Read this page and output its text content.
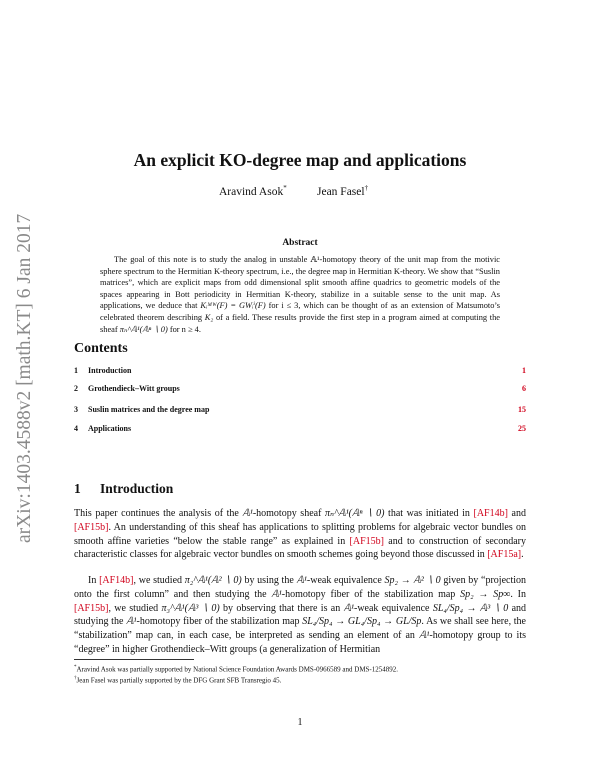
arXiv:1403.4588v2 [math.KT] 6 Jan 2017
An explicit KO-degree map and applications
Aravind Asok*	Jean Fasel†
Abstract
The goal of this note is to study the analog in unstable 𝔸¹-homotopy theory of the unit map from the motivic sphere spectrum to the Hermitian K-theory spectrum, i.e., the degree map in Hermitian K-theory. We show that “Suslin matrices”, which are explicit maps from odd dimensional split smooth affine quadrics to geometric models of the spaces appearing in Bott periodicity in Hermitian K-theory, stabilize in a suitable sense to the unit map. As applications, we deduce that Kᵢᴹᵂ(F) = GWᵢⁱ(F) for i ≤ 3, which can be thought of as an extension of Matsumoto’s celebrated theorem describing K₂ of a field. These results provide the first step in a program aimed at computing the sheaf πₙ^𝔸¹(𝔸ⁿ ∖ 0) for n ≥ 4.
Contents
1 Introduction	1
2 Grothendieck–Witt groups	6
3 Suslin matrices and the degree map	15
4 Applications	25
1 Introduction
This paper continues the analysis of the 𝔸¹-homotopy sheaf πₙ^𝔸¹(𝔸ⁿ ∖ 0) that was initiated in [AF14b] and [AF15b]. An understanding of this sheaf has applications to splitting problems for algebraic vector bundles on smooth affine varieties “below the stable range” as explained in [AF15b] and to construction of secondary characteristic classes for algebraic vector bundles on smooth schemes going beyond those discussed in [AF15a].
In [AF14b], we studied π₂^𝔸¹(𝔸² ∖ 0) by using the 𝔸¹-weak equivalence Sp₂ → 𝔸² ∖ 0 given by “projection onto the first column” and then studying the 𝔸¹-homotopy fiber of the stabilization map Sp₂ → Sp∞. In [AF15b], we studied π₃^𝔸¹(𝔸³ ∖ 0) by observing that there is an 𝔸¹-weak equivalence SL₄/Sp₄ → 𝔸³ ∖ 0 and studying the 𝔸¹-homotopy fiber of the stabilization map SL₄/Sp₄ → GL₄/Sp₄ → GL/Sp. As we shall see here, the “stabilization” map can, in each case, be interpreted as sending an element of an 𝔸¹-homotopy group to its “degree” in higher Grothendieck–Witt groups (a generalization of Hermitian
*Aravind Asok was partially supported by National Science Foundation Awards DMS-0966589 and DMS-1254892.
†Jean Fasel was partially supported by the DFG Grant SFB Transregio 45.
1
